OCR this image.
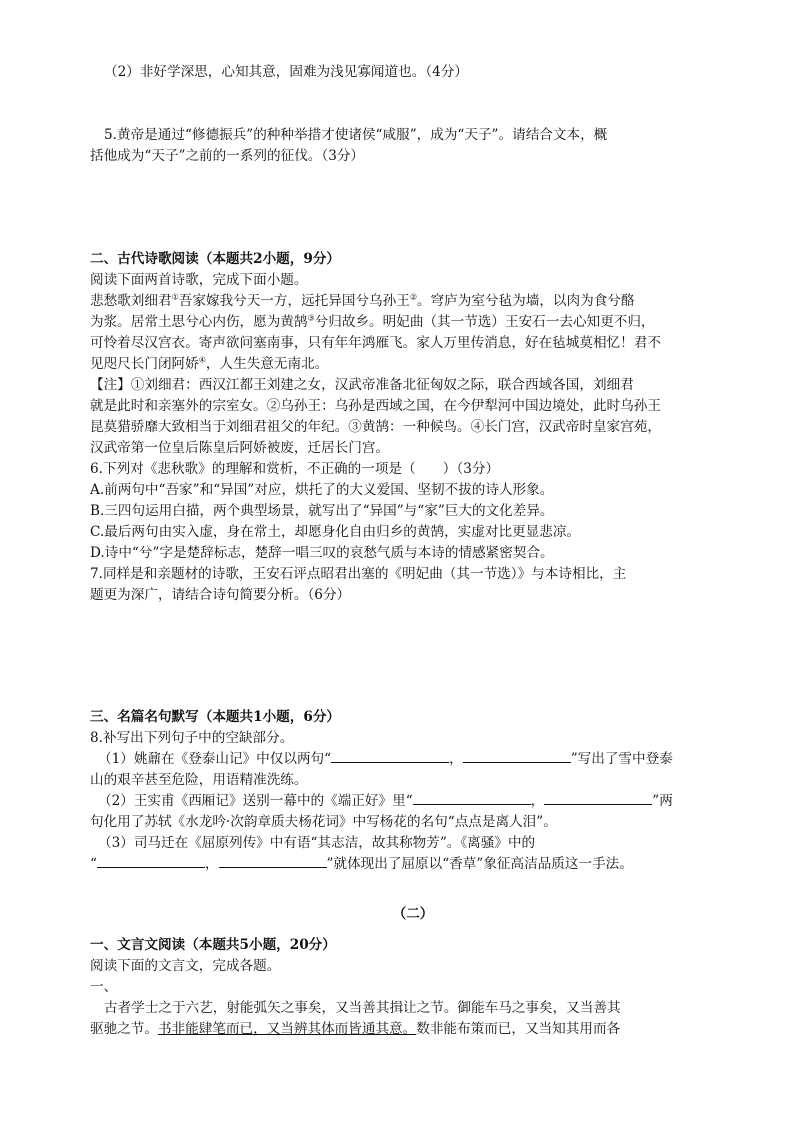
（2）非好学深思，心知其意，固难为浅见寡闻道也。（4分）
5.黄帝是通过“修德振兵”的种种举措才使诸侯“咸服”，成为“天子”。请结合文本，概
括他成为“天子”之前的一系列的征伐。（3分）
二、古代诗歌阅读（本题共2小题，9分）
阅读下面两首诗歌，完成下面小题。
悲愁歌刘细君①吾家嫁我兮天一方，远托异国兮乌孙王②。穹庐为室兮毡为墙，以肉为食兮酪
为浆。居常土思兮心内伤，愿为黄鹄③兮归故乡。明妃曲（其一节选）王安石一去心知更不归，
可怜着尽汉宫衣。寄声欲问塞南事，只有年年鸿雁飞。家人万里传消息，好在毡城莫相忆！君不
见咫尺长门闭阿娇④，人生失意无南北。
【注】①刘细君：西汉江都王刘建之女，汉武帝准备北征匈奴之际，联合西域各国，刘细君
就是此时和亲塞外的宗室女。②乌孙王：乌孙是西域之国，在今伊犁河中国边境处，此时乌孙王
昆莫猎骄靡大致相当于刘细君祖父的年纪。③黄鹄：一种候鸟。④长门宫，汉武帝时皇家宫苑，
汉武帝第一位皇后陈皇后阿娇被废，迁居长门宫。
6.下列对《悲秋歌》的理解和赏析，不正确的一项是（　　）（3分）
A.前两句中“吾家”和“异国”对应，烘托了的大义爱国、坚韧不拔的诗人形象。
B.三四句运用白描，两个典型场景，就写出了“异国”与“家”巨大的文化差异。
C.最后两句由实入虚，身在常土，却愿身化自由归乡的黄鹄，实虚对比更显悲凉。
D.诗中“兮”字是楚辞标志，楚辞一唱三叹的哀愁气质与本诗的情感紧密契合。
7.同样是和亲题材的诗歌，王安石评点昭君出塞的《明妃曲（其一节选）》与本诗相比，主
题更为深广，请结合诗句简要分析。（6分）
三、名篇名句默写（本题共1小题，6分）
8.补写出下列句子中的空缺部分。
（1）姚鼐在《登泰山记》中仅以两句“	，	”写出了雪中登泰
山的艰辛甚至危险，用语精准洗练。
（2）王实甫《西厢记》送别一幕中的《端正好》里“	，	”两
句化用了苏轼《水龙吟·次韵章质夫杨花词》中写杨花的名句“点点是离人泪”。
（3）司马迁在《屈原列传》中有语“其志洁，故其称物芳”。《离骚》中的
“	，	”就体现出了屈原以“香草”象征高洁品质这一手法。
（二）
一、文言文阅读（本题共5小题，20分）
阅读下面的文言文，完成各题。
一、
古者学士之于六艺，射能弧矢之事矣，又当善其揖让之节。御能车马之事矣，又当善其
驱驰之节。书非能肆笔而已，又当辨其体而皆通其意。数非能布策而已，又当知其用而各
